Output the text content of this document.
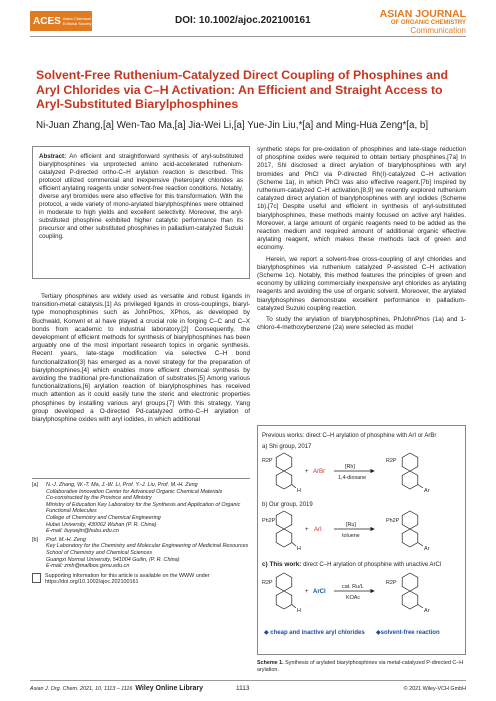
ACES Asian Chemical Editorial Society	DOI: 10.1002/ajoc.202100161
ASIAN JOURNAL
OF ORGANIC CHEMISTRY
Communication
Solvent-Free Ruthenium-Catalyzed Direct Coupling of Phosphines and Aryl Chlorides via C–H Activation: An Efficient and Straight Access to Aryl-Substituted Biarylphosphines
Ni-Juan Zhang,[a] Wen-Tao Ma,[a] Jia-Wei Li,[a] Yue-Jin Liu,*[a] and Ming-Hua Zeng*[a, b]
Abstract: An efficient and straightforward synthesis of aryl-substituted biarylphosphines via unprotected amino acid-accelerated ruthenium-catalyzed P-directed ortho-C–H arylation reaction is described. This protocol utilized commercial and inexpensive (hetero)aryl chlorides as efficient arylating reagents under solvent-free reaction conditions. Notably, diverse aryl bromides were also effective for this transformation. With the protocol, a wide variety of mono-arylated biarylphosphines were obtained in moderate to high yields and excellent selectivity. Moreover, the aryl-substituted phosphine exhibited higher catalytic performance than its precursor and other substituted phosphines in palladium-catalyzed Suzuki coupling.

Tertiary phosphines are widely used as versatile and robust ligands in transition-metal catalysis.[1] As privileged ligands in cross-couplings, biaryl-type monophosphines such as JohnPhos, XPhos, as developed by Buchwald, Konwnl et al have played a crucial role in forging C–C and C–X bonds from academic to industrial laboratory.[2] Consequently, the development of efficient methods for synthesis of biarylphosphines has been arguably one of the most important research topics in organic synthesis. Recent years, late-stage modification via selective C–H bond functionalization[3] has emerged as a novel strategy for the preparation of biarylphosphines,[4] which enables more efficient chemical synthesis by avoiding the traditional pre-functionalization of substrates.[5] Among various functionalizations,[6] arylation reaction of biarylphosphines has received much attention as it could easily tune the steric and electronic properties phosphines by installing various aryl groups.[7] With this strategy, Yang group developed a O-directed Pd-catalyzed ortho-C–H arylation of biarylphosphine oxides with aryl iodides, in which additional

[a]	N.-J. Zhang, W.-T. Ma, J.-W. Li, Prof. Y.-J. Liu, Prof. M.-H. Zeng
Collaborative Innovation Center for Advanced Organic Chemical Materials
Co-constructed by the Province and Ministry
Ministry of Education Key Laboratory for the Synthesis and Application of Organic Functional Molecules
College of Chemistry and Chemical Engineering
Hubei University, 430062 Wuhan (P. R. China)
E-mail: liuyuejin@hubu.edu.cn
[b]	Prof. M.-H. Zeng
Key Laboratory for the Chemistry and Molecular Engineering of Medicinal Resources
School of Chemistry and Chemical Sciences
Guangxi Normal University, 541004 Guilin, (P. R. China)
E-mail: zmh@mailbox.gxnu.edu.cn
Supporting information for this article is available on the WWW under https://doi.org/10.1002/ajoc.202100161

synthetic steps for pre-oxidation of phosphines and late-stage reduction of phosphine oxides were required to obtain tertiary phosphines.[7a] In 2017, Shi disclosed a direct arylation of biarylphosphines with aryl bromides and PhCl via P-directed Rh(I)-catalyzed C–H activation (Scheme 1a), in which PhCl was also effective reagent.[7b] Inspired by ruthenium-catalyzed C–H activation,[8,9] we recently explored ruthenium catalyzed direct arylation of biarylphosphines with aryl iodides (Scheme 1b).[7c] Despite useful and efficient in synthesis of aryl-substituted biarylphosphines, these methods mainly focused on active aryl halides. Moreover, a large amount of organic reagents need to be added as the reaction medium and required amount of additional organic effective arylating reagent, which makes these methods lack of green and economy.

Herein, we report a solvent-free cross-coupling of aryl chlorides and biarylphosphines via ruthenium catalyzed P-assisted C–H activation (Scheme 1c). Notably, this method features the principles of green and economy by utilizing commercially inexpensive aryl chlorides as arylating reagents and avoiding the use of organic solvent. Moreover, the arylated biarylphosphines demonstrate excellent performance in palladium-catalyzed Suzuki coupling reaction.

To study the arylation of biarylphosphines, PhJohnPhos (1a) and 1-chloro-4-methoxybenzene (2a) were selected as model

Previous works: direct C–H arylation of phosphine with ArI or ArBr
a) Shi group, 2017
R2P
H
+ ArBr
[Rh]
1,4-dioxane
R2P
Ar
b) Our group, 2019
Ph2P
H
+ ArI
[Ru]
toluene
Ph2P
Ar
c) This work: direct C–H arylation of phosphine with unactive ArCl
R2P
H
+ ArCl
cat. Ru/L
KOAc
R2P
Ar
◆ cheap and inactive aryl chlorides ◆solvent-free reaction
Scheme 1. Synthesis of arylated biarylphosphines via metal-catalyzed P-directed C–H arylation.
Asian J. Org. Chem. 2021, 10, 1113 – 1116 Wiley Online Library	1113	© 2021 Wiley-VCH GmbH
